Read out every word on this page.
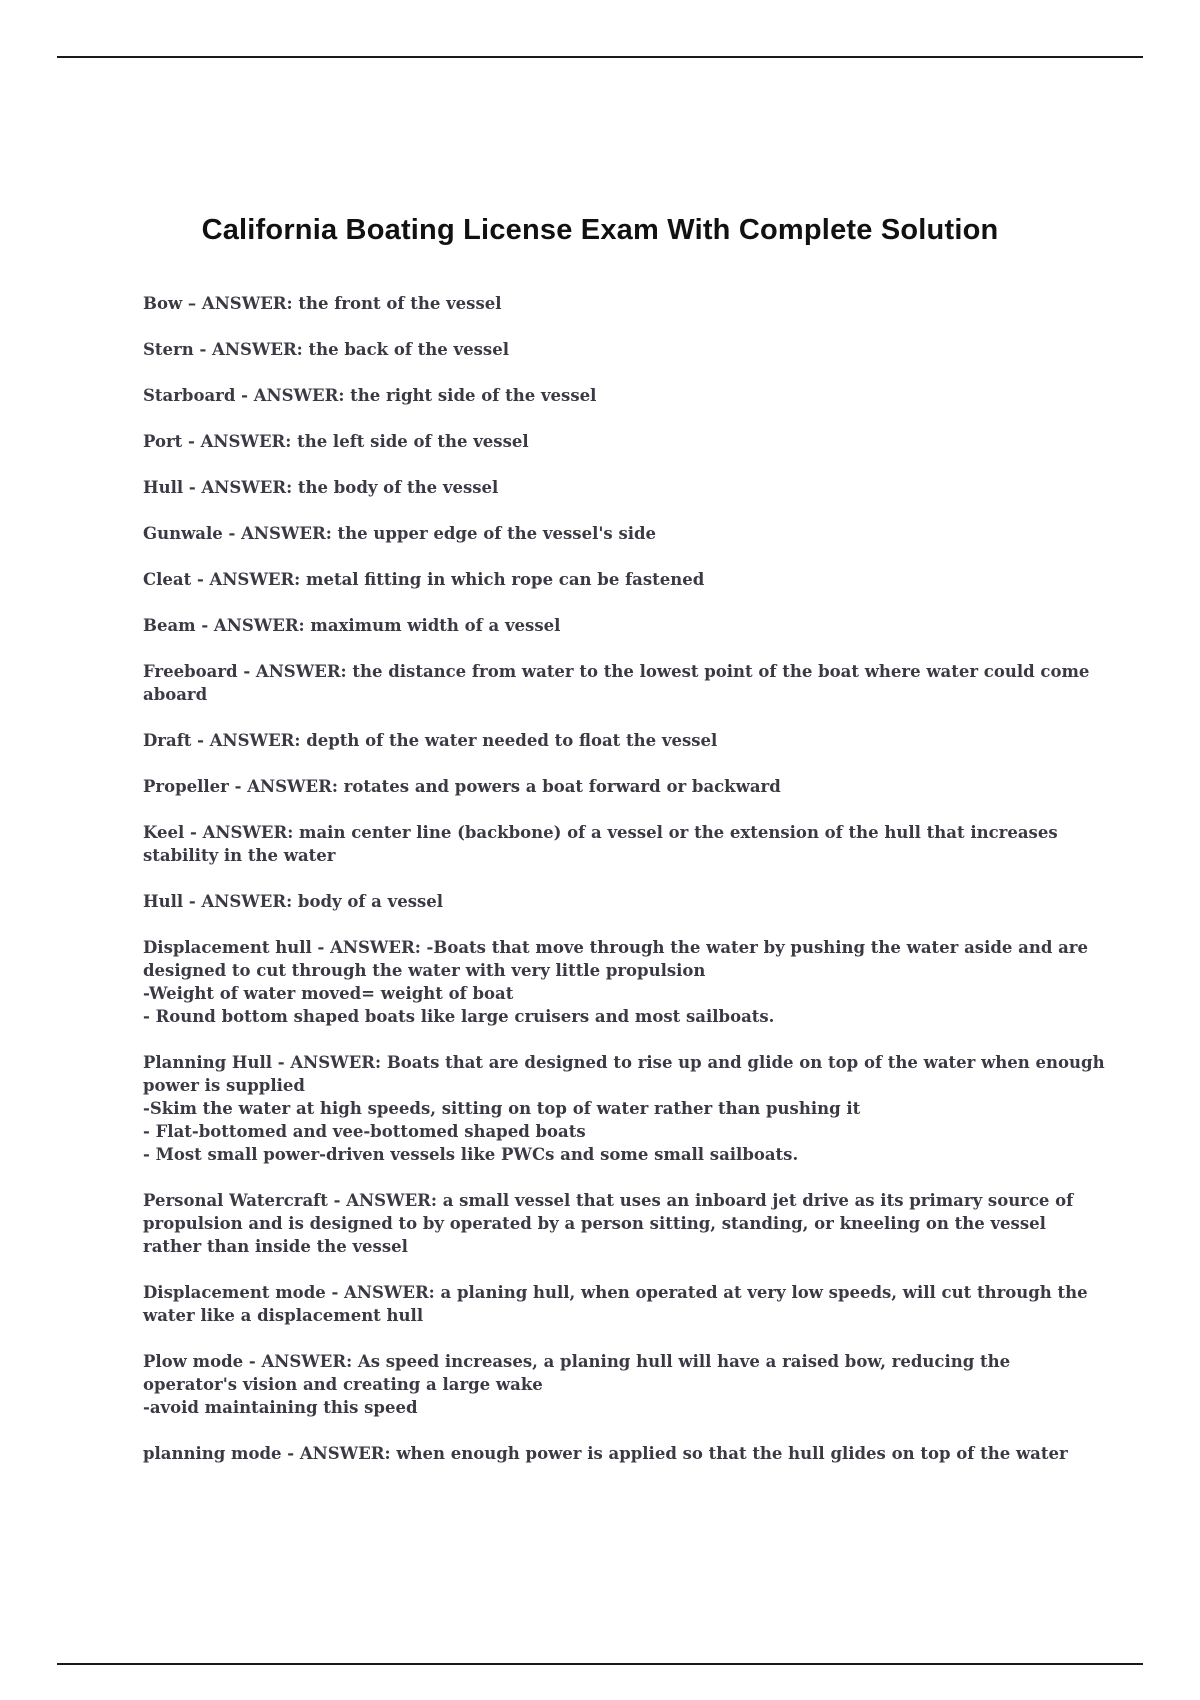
California Boating License Exam With Complete Solution
Bow – ANSWER: the front of the vessel
Stern - ANSWER: the back of the vessel
Starboard - ANSWER: the right side of the vessel
Port - ANSWER: the left side of the vessel
Hull - ANSWER: the body of the vessel
Gunwale - ANSWER: the upper edge of the vessel's side
Cleat - ANSWER: metal fitting in which rope can be fastened
Beam - ANSWER: maximum width of a vessel
Freeboard - ANSWER: the distance from water to the lowest point of the boat where water could come
aboard
Draft - ANSWER: depth of the water needed to float the vessel
Propeller - ANSWER: rotates and powers a boat forward or backward
Keel - ANSWER: main center line (backbone) of a vessel or the extension of the hull that increases
stability in the water
Hull - ANSWER: body of a vessel
Displacement hull - ANSWER: -Boats that move through the water by pushing the water aside and are
designed to cut through the water with very little propulsion
-Weight of water moved= weight of boat
- Round bottom shaped boats like large cruisers and most sailboats.
Planning Hull - ANSWER: Boats that are designed to rise up and glide on top of the water when enough
power is supplied
-Skim the water at high speeds, sitting on top of water rather than pushing it
- Flat-bottomed and vee-bottomed shaped boats
- Most small power-driven vessels like PWCs and some small sailboats.
Personal Watercraft - ANSWER: a small vessel that uses an inboard jet drive as its primary source of
propulsion and is designed to by operated by a person sitting, standing, or kneeling on the vessel
rather than inside the vessel
Displacement mode - ANSWER: a planing hull, when operated at very low speeds, will cut through the
water like a displacement hull
Plow mode - ANSWER: As speed increases, a planing hull will have a raised bow, reducing the
operator's vision and creating a large wake
-avoid maintaining this speed
planning mode - ANSWER: when enough power is applied so that the hull glides on top of the water
